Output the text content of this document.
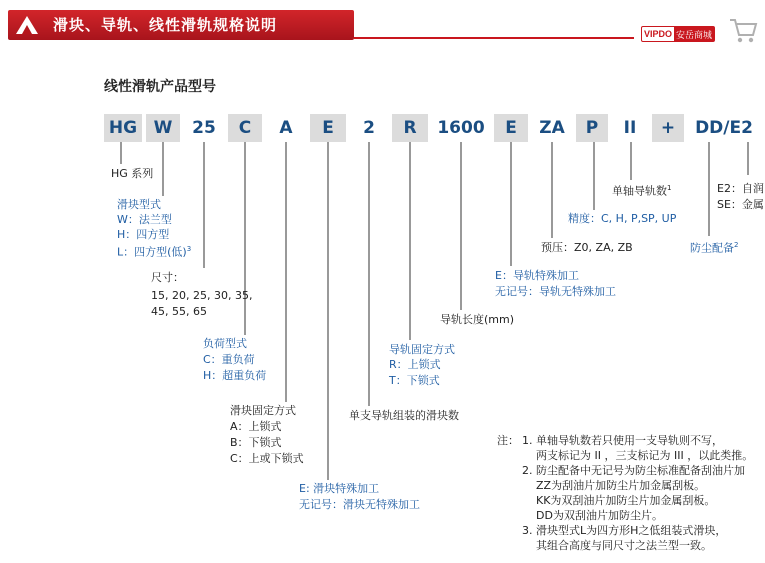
滑块、导轨、线性滑轨规格说明	VIPDO 安岳商城
线性滑轨产品型号
HG W	25	C	A	E	2	R	1600	E	ZA	P	II	+	DD/E2
HG 系列
滑块型式
W：法兰型
H：四方型
L：四方型(低)$^3$
尺寸：
15, 20, 25, 30, 35,
45, 55, 65
负荷型式
C：重负荷
H：超重负荷
滑块固定方式
A：上锁式
B：下锁式
C：上或下锁式
E: 滑块特殊加工
无记号：滑块无特殊加工
单支导轨组装的滑块数
导轨固定方式
R：上锁式
T：下锁式
导轨长度(mm)
E：导轨特殊加工
无记号：导轨无特殊加工
预压：Z0, ZA, ZB
精度：C, H, P,SP, UP
单轴导轨数$^1$
防尘配备$^2$
E2：自润
SE：金属
注： 1. 单轴导轨数若只使用一支导轨则不写，
两支标记为 II ，三支标记为 III ，以此类推。
2. 防尘配备中无记号为防尘标准配备刮油片加
ZZ为刮油片加防尘片加金属刮板。
KK为双刮油片加防尘片加金属刮板。
DD为双刮油片加防尘片。
3. 滑块型式L为四方形H之低组装式滑块，
其组合高度与同尺寸之法兰型一致。
